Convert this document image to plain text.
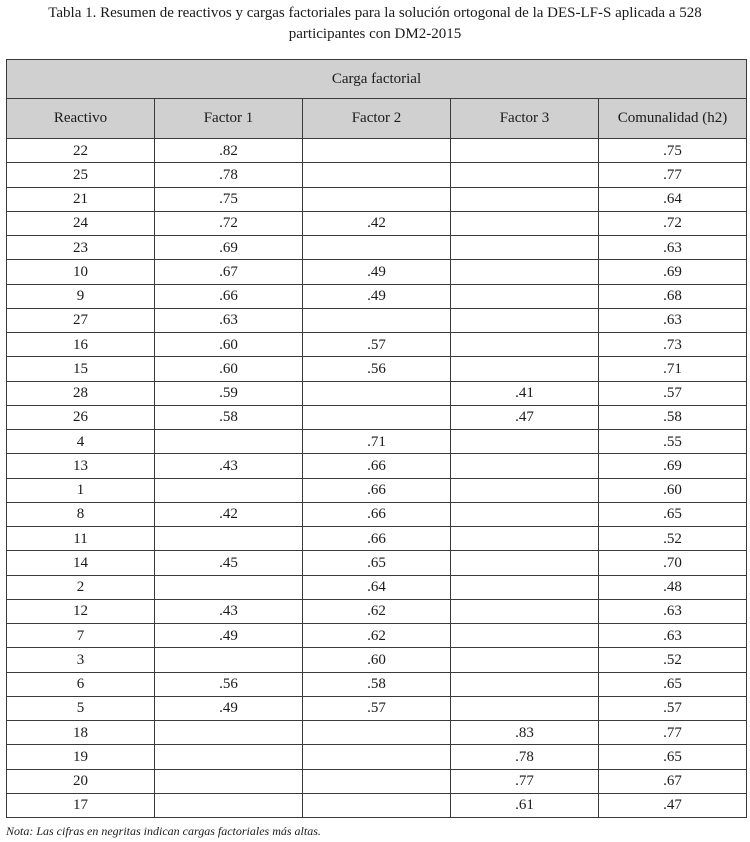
Tabla 1. Resumen de reactivos y cargas factoriales para la solución ortogonal de la DES-LF-S aplicada a 528
participantes con DM2-2015
Carga factorial				
Reactivo	Factor 1	Factor 2	Factor 3	Comunalidad (h2)
22	.82			.75
25	.78			.77
21	.75			.64
24	.72	.42		.72
23	.69			.63
10	.67	.49		.69
9	.66	.49		.68
27	.63			.63
16	.60	.57		.73
15	.60	.56		.71
28	.59		.41	.57
26	.58		.47	.58
4		.71		.55
13	.43	.66		.69
1		.66		.60
8	.42	.66		.65
11		.66		.52
14	.45	.65		.70
2		.64		.48
12	.43	.62		.63
7	.49	.62		.63
3		.60		.52
6	.56	.58		.65
5	.49	.57		.57
18			.83	.77
19			.78	.65
20			.77	.67
17			.61	.47
Nota: Las cifras en negritas indican cargas factoriales más altas.
